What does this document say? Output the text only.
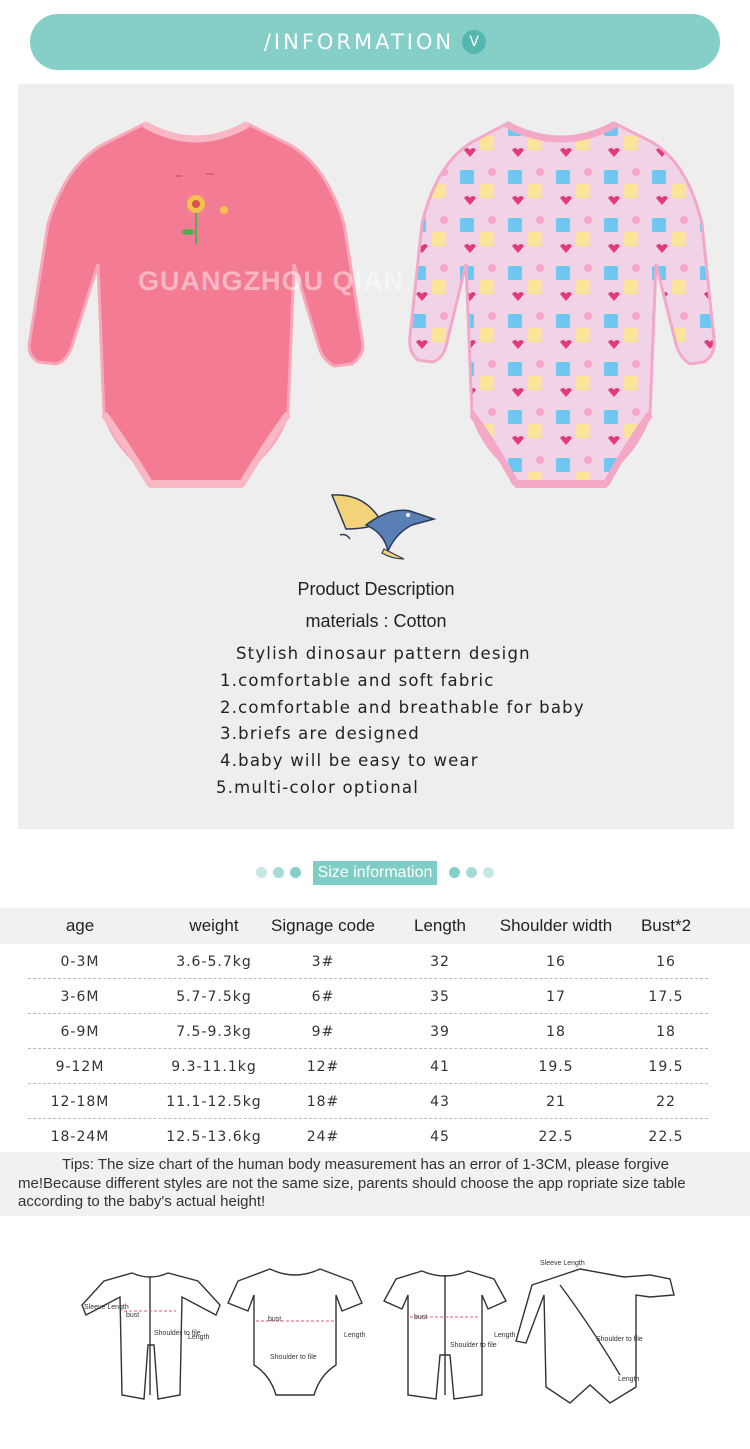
/INFORMATION	V
GUANGZHOU QIAN
Product Description
materials : Cotton
Stylish dinosaur pattern design
1.comfortable and soft fabric
2.comfortable and breathable for baby
3.briefs are designed
4.baby will be easy to wear
5.multi-color optional
Size information
age	weight	Signage code	Length	Shoulder width	Bust*2
0-3M	3.6-5.7kg	3#	32	16	16
3-6M	5.7-7.5kg	6#	35	17	17.5
6-9M	7.5-9.3kg	9#	39	18	18
9-12M	9.3-11.1kg	12#	41	19.5	19.5
12-18M	11.1-12.5kg	18#	43	21	22
18-24M	12.5-13.6kg	24#	45	22.5	22.5
Tips: The size chart of the human body measurement has an error of 1-3CM, please forgive me!Because different styles are not the same size, parents should choose the app ropriate size table according to the baby's actual height!
Sleeve Length
bust
Shoulder to file
Length
bust
Shoulder to file
Length
bust
Shoulder to file
Length
Sleeve Length
Shoulder to file
Length
